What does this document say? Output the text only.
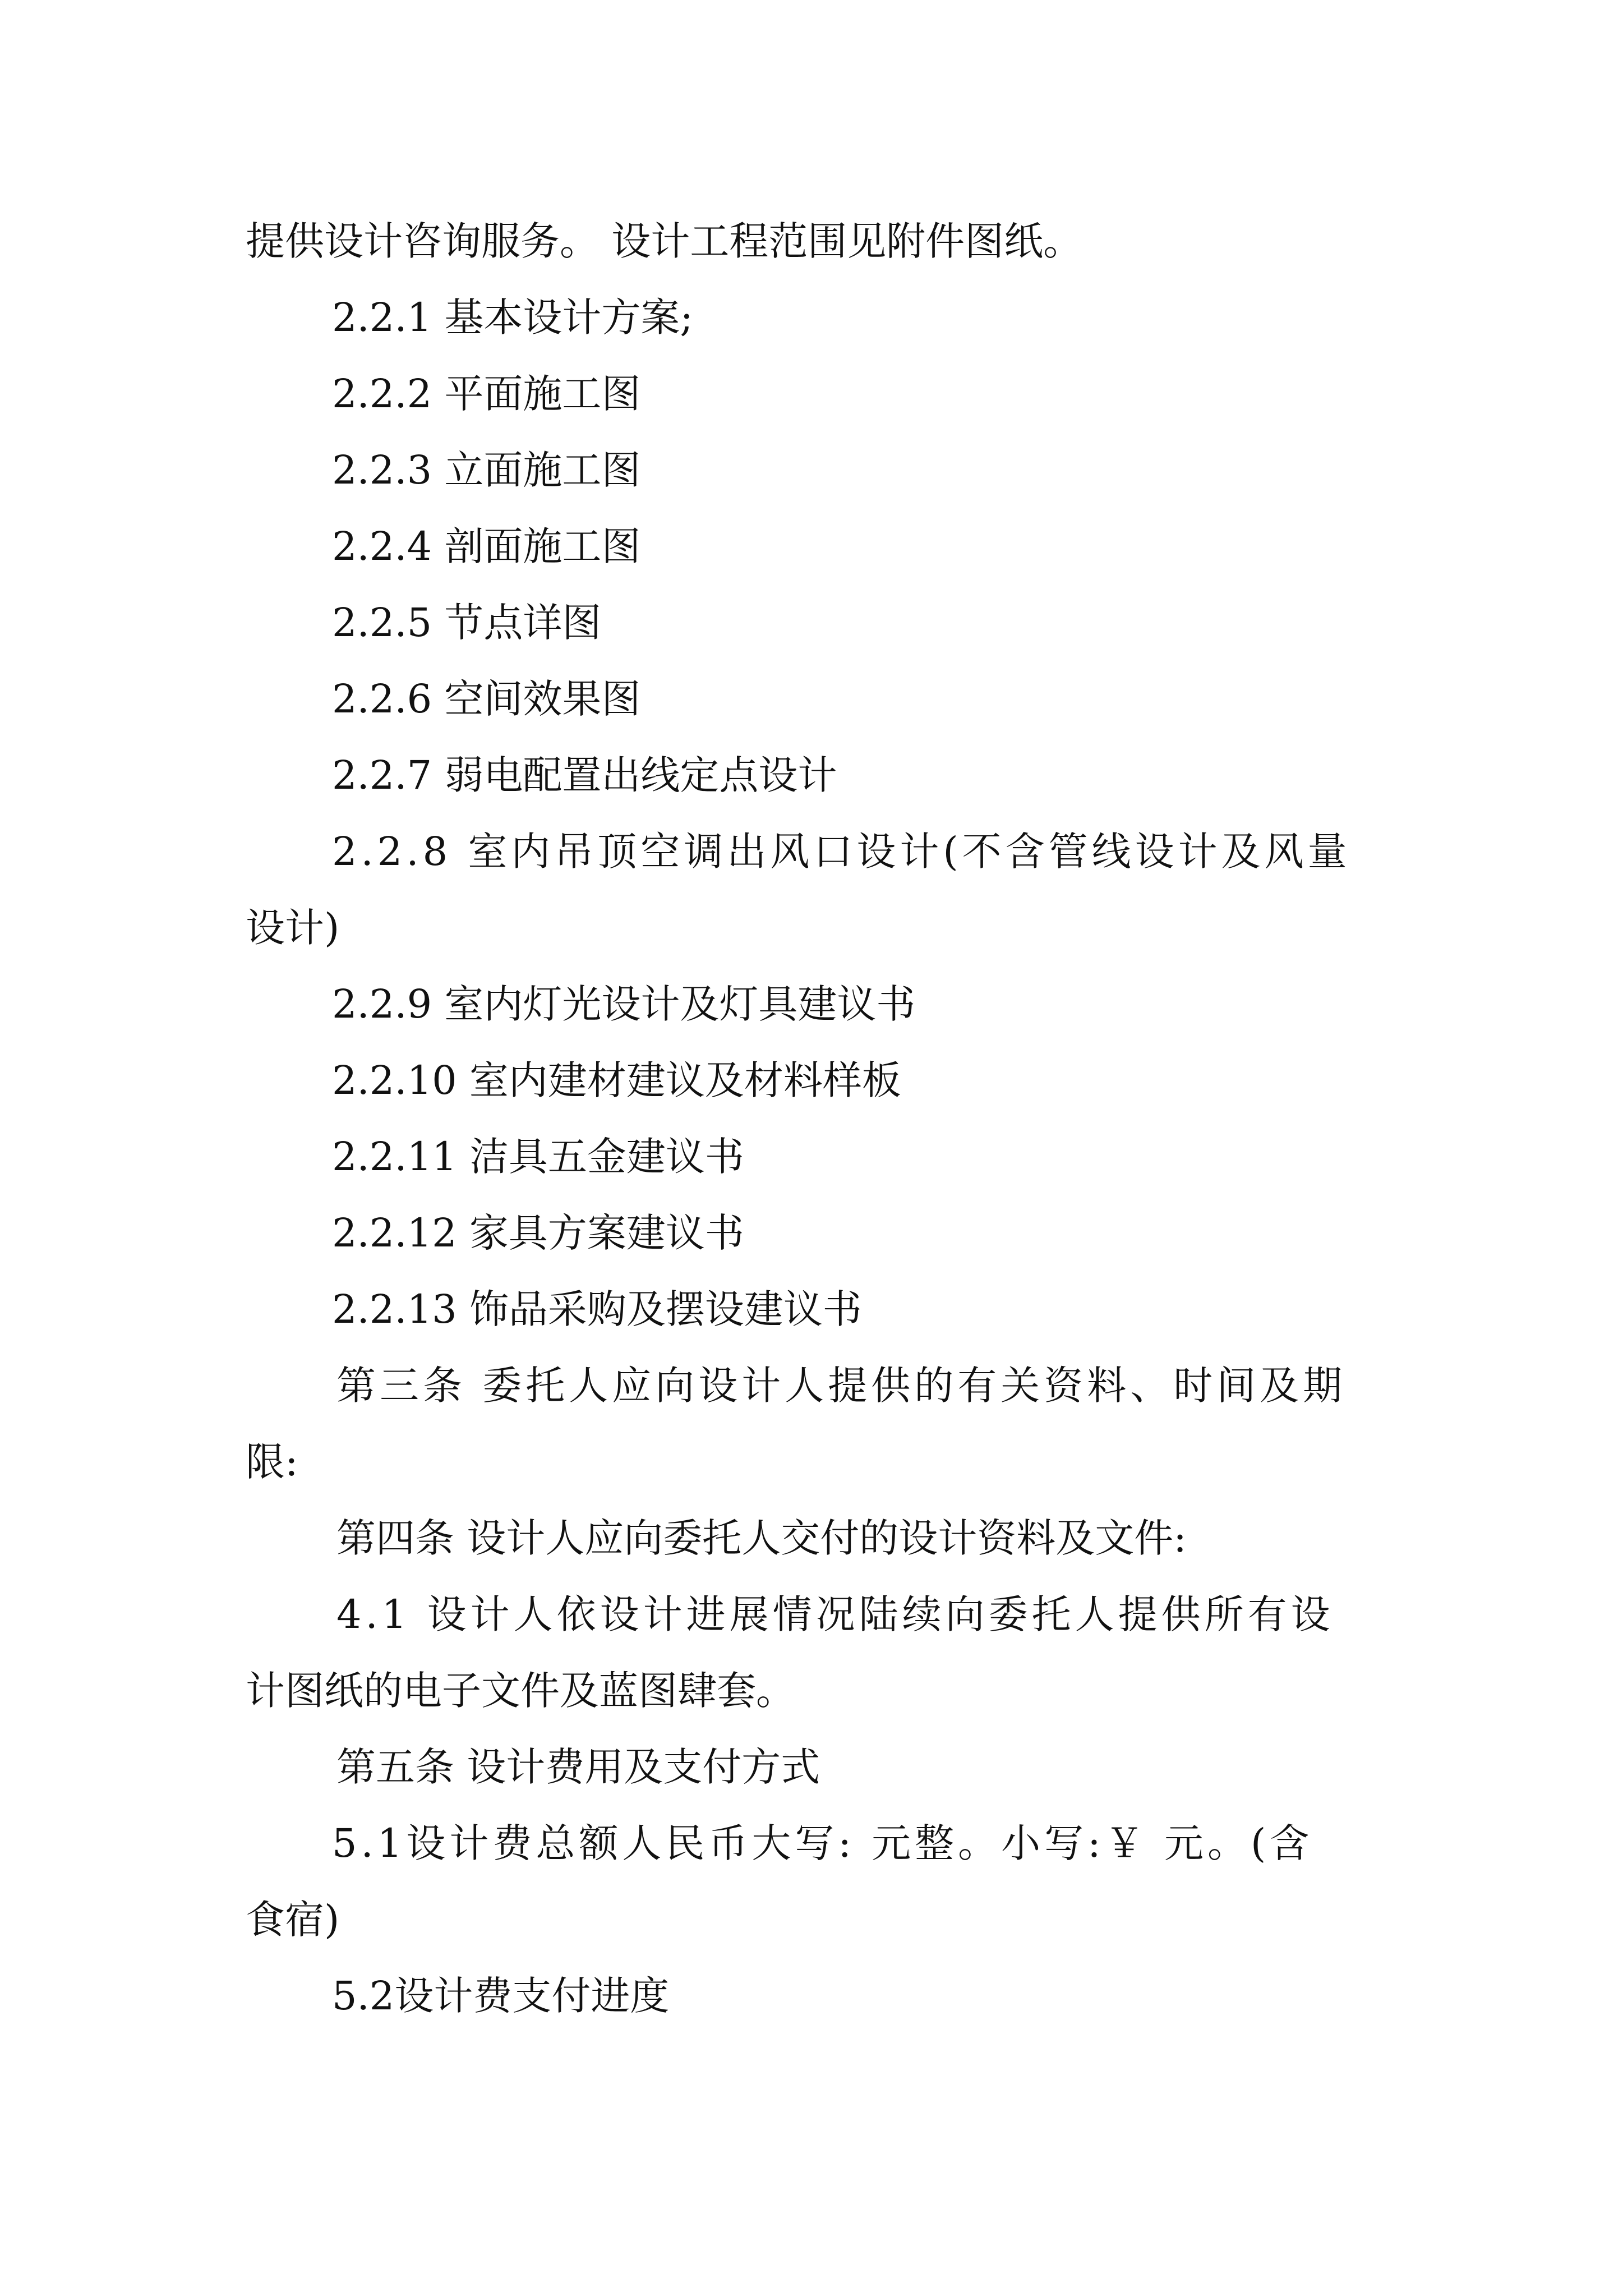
提供设计咨询服务。 设计工程范围见附件图纸。
2.2.1 基本设计方案;
2.2.2 平面施工图
2.2.3 立面施工图
2.2.4 剖面施工图
2.2.5 节点详图
2.2.6 空间效果图
2.2.7 弱电配置出线定点设计
2.2.8 室内吊顶空调出风口设计(不含管线设计及风量
设计)
2.2.9 室内灯光设计及灯具建议书
2.2.10 室内建材建议及材料样板
2.2.11 洁具五金建议书
2.2.12 家具方案建议书
2.2.13 饰品采购及摆设建议书
第三条 委托人应向设计人提供的有关资料、时间及期
限:
第四条 设计人应向委托人交付的设计资料及文件:
4.1 设计人依设计进展情况陆续向委托人提供所有设
计图纸的电子文件及蓝图肆套。
第五条 设计费用及支付方式
5.1设计费总额人民币大写: 元整。小写:￥ 元。(含
食宿)
5.2设计费支付进度
